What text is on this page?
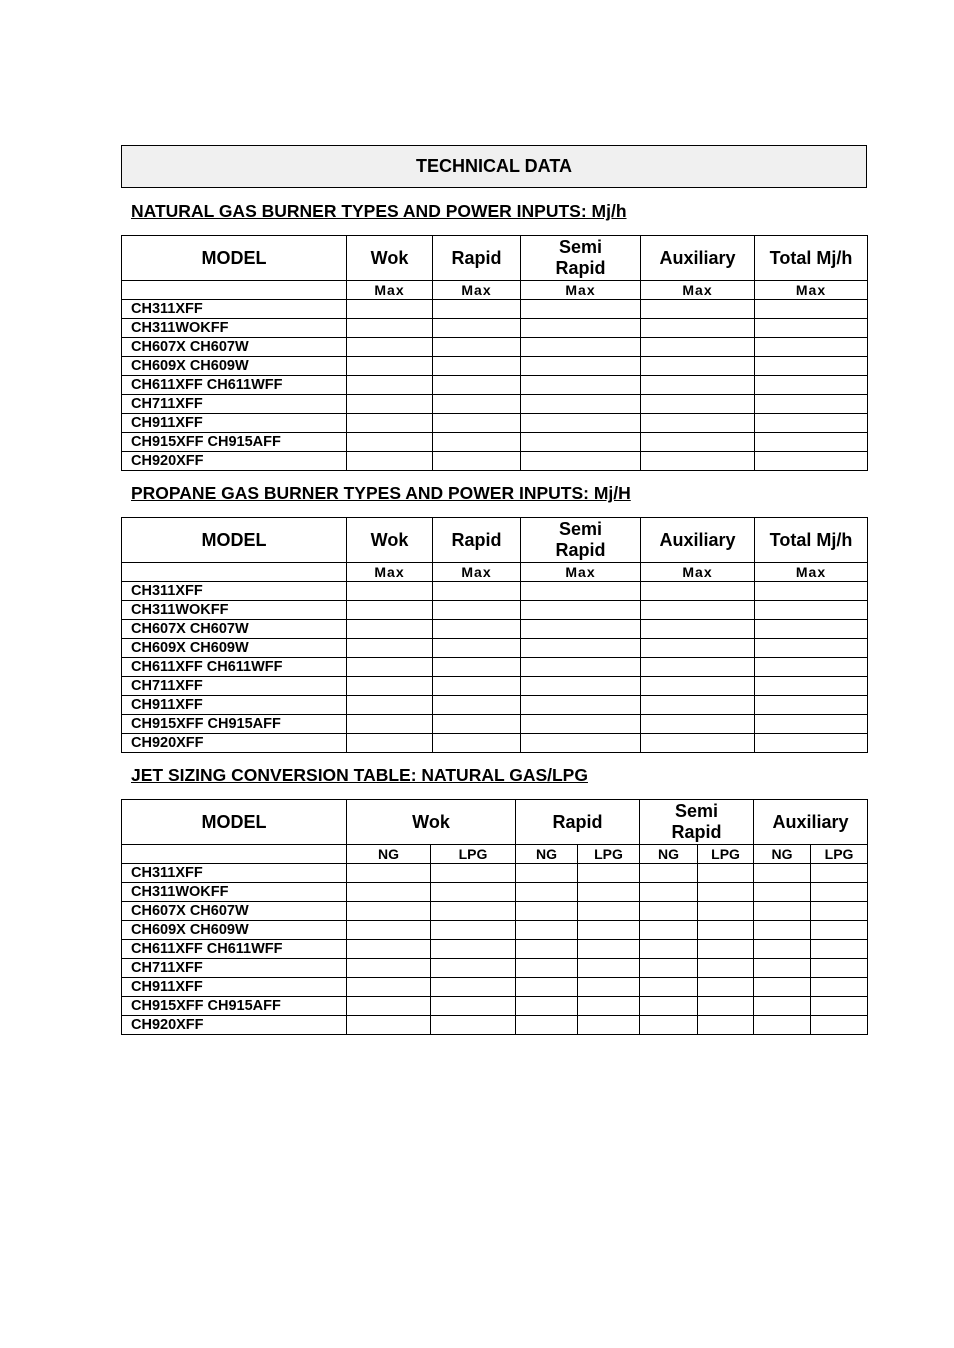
TECHNICAL DATA
NATURAL GAS BURNER TYPES AND POWER INPUTS: Mj/h
MODEL	Wok	Rapid	Semi Rapid	Auxiliary	Total Mj/h
	Max	Max	Max	Max	Max
CH311XFF					
CH311WOKFF					
CH607X CH607W					
CH609X CH609W					
CH611XFF CH611WFF					
CH711XFF					
CH911XFF					
CH915XFF CH915AFF					
CH920XFF					
PROPANE GAS BURNER TYPES AND POWER INPUTS: Mj/H
MODEL	Wok	Rapid	Semi Rapid	Auxiliary	Total Mj/h
	Max	Max	Max	Max	Max
CH311XFF					
CH311WOKFF					
CH607X CH607W					
CH609X CH609W					
CH611XFF CH611WFF					
CH711XFF					
CH911XFF					
CH915XFF CH915AFF					
CH920XFF					
JET SIZING CONVERSION TABLE: NATURAL GAS/LPG
MODEL	Wok		Rapid		Semi Rapid		Auxiliary	
	NG	LPG	NG	LPG	NG	LPG	NG	LPG
CH311XFF								
CH311WOKFF								
CH607X CH607W								
CH609X CH609W								
CH611XFF CH611WFF								
CH711XFF								
CH911XFF								
CH915XFF CH915AFF								
CH920XFF								
